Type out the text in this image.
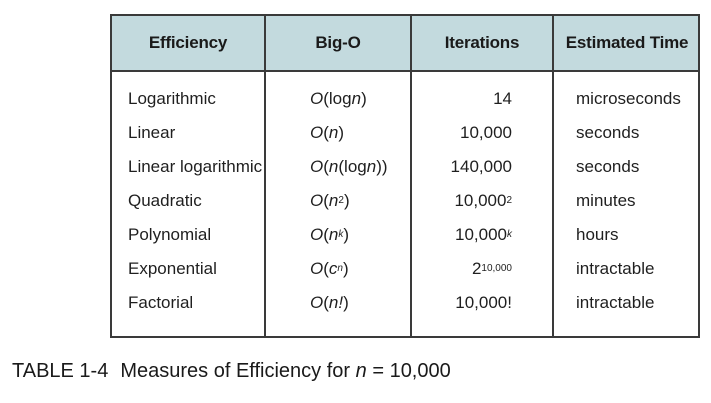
Efficiency	Big-O	Iterations	Estimated Time
Logarithmic	O (log n )	14	microseconds
Linear	O ( n )	10,000	seconds
Linear logarithmic	O ( n (log n ))	140,000	seconds
Quadratic	O ( n 2 )	10,000 2	minutes
Polynomial	O ( n k )	10,000 k	hours
Exponential	O ( c n )	2 10,000	intractable
Factorial	O ( n! )	10,000!	intractable
TABLE 1-4 Measures of Efficiency for n = 10,000
